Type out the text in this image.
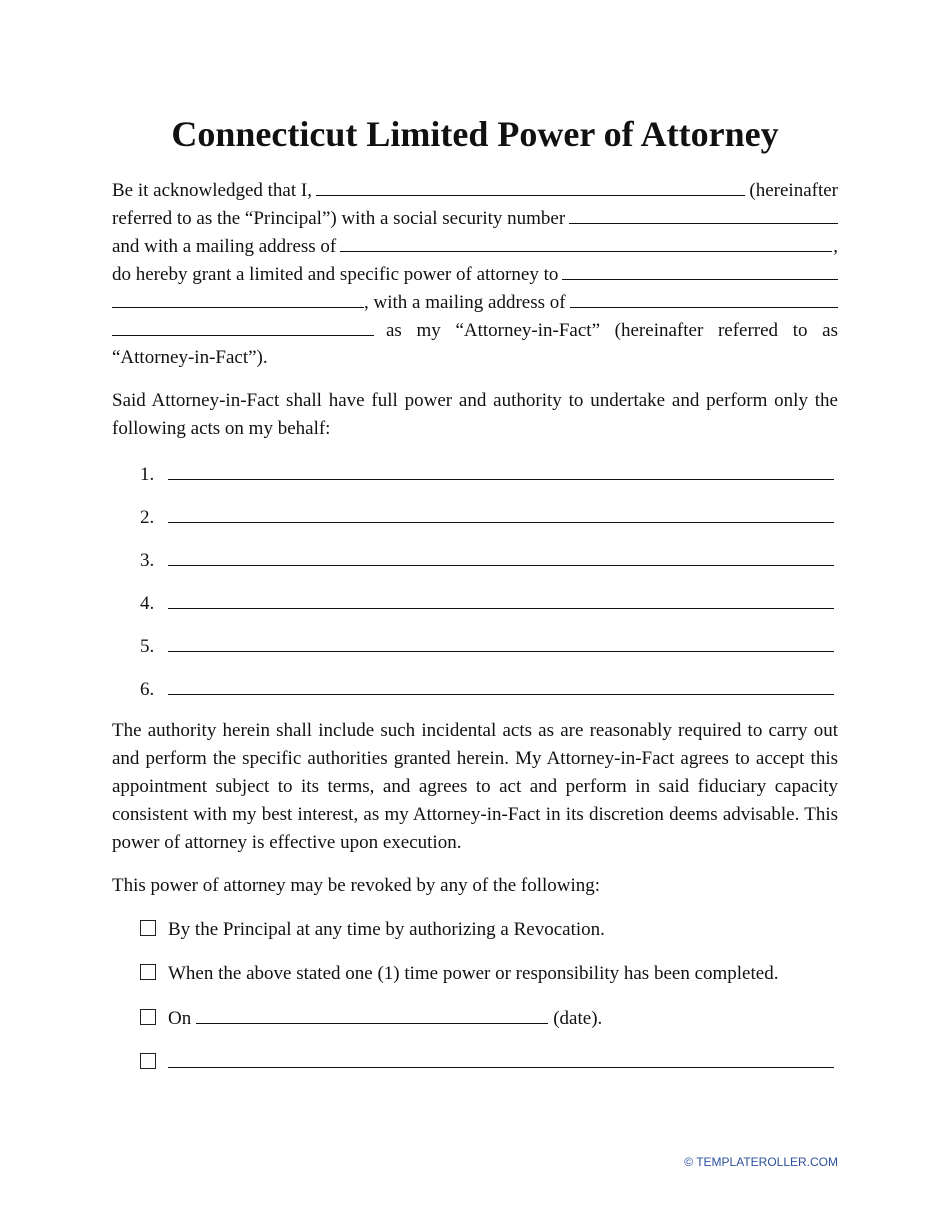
Connecticut Limited Power of Attorney
Be it acknowledged that I,	(hereinafter
referred to as the “Principal”) with a social security number
and with a mailing address of	,
do hereby grant a limited and specific power of attorney to
, with a mailing address of
as my “Attorney-in-Fact” (hereinafter referred to as
“Attorney-in-Fact”).

Said Attorney-in-Fact shall have full power and authority to undertake and perform only the following acts on my behalf:

1.
2.
3.
4.
5.
6.

The authority herein shall include such incidental acts as are reasonably required to carry out and perform the specific authorities granted herein. My Attorney-in-Fact agrees to accept this appointment subject to its terms, and agrees to act and perform in said fiduciary capacity consistent with my best interest, as my Attorney-in-Fact in its discretion deems advisable. This power of attorney is effective upon execution.

This power of attorney may be revoked by any of the following:
By the Principal at any time by authorizing a Revocation.
When the above stated one (1) time power or responsibility has been completed.
On	(date).
© TEMPLATEROLLER.COM
